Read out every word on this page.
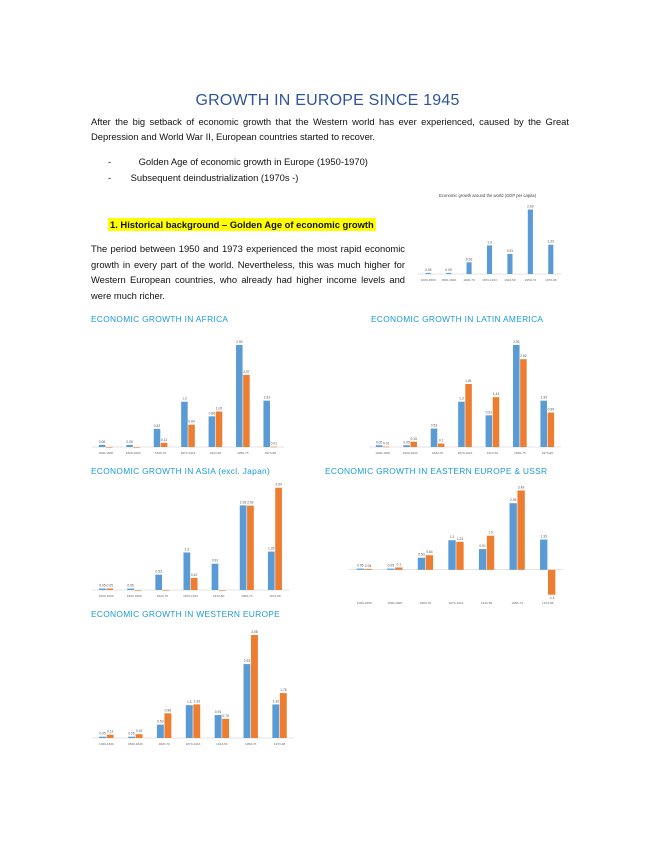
GROWTH IN EUROPE SINCE 1945
After the big setback of economic growth that the Western world has ever experienced, caused by the Great Depression and World War II, European countries started to recover.
-	Golden Age of economic growth in Europe (1950-1970)
- Subsequent deindustrialization (1970s -)
1. Historical background – Golden Age of economic growth
The period between 1950 and 1973 experienced the most rapid economic growth in every part of the world. Nevertheless, this was much higher for Western European countries, who already had higher income levels and were much richer.
ECONOMIC GROWTH IN AFRICA	ECONOMIC GROWTH IN LATIN AMERICA
ECONOMIC GROWTH IN ASIA (excl. Japan)	ECONOMIC GROWTH IN EASTERN EUROPE & USSR
ECONOMIC GROWTH IN WESTERN EUROPE
Economic growth around the world (GDP per capita)
0.05
1000-1500
0.05
1500-1820
0.53
1820-70
1.3
1870-1913
0.91
1913-50
2.93
1950-73
1.33
1973-98
0.06
1000-1500
0.06
1500-1820
0.52
0.12
1820-70
1.3
0.64
1870-1913
0.88
1.02
1913-50
2.93
2.07
1950-73
1.33
0.01
1973-98
0.05 0.01
1000-1500
0.05
0.15
1500-1820
0.53
0.1
1820-70
1.3
1.81
1870-1913
0.91
1.43
1913-50
2.93
2.52
1950-73
1.33
0.99
1973-98
0.05 0.05
1000-1500
0.05
1500-1820
0.53
1820-70
1.3
0.42
1870-1913
0.91
1913-50
2.93 2.92
1950-73
1.33
3.54
1973-98
0.05 0.04
1000-1500
0.05 0.1
1500-1820
0.53
0.64
1820-70
1.3 1.23
1870-1913
0.91
1.5
1913-50
2.93
3.49
1950-73
1.33
-1.1
1973-98
0.05
0.13
1000-1500
0.05
0.15
1500-1820
0.53
0.98
1820-70
1.3 1.33
1870-1913
0.91
0.76
1913-50
2.93
4.08
1950-73
1.33
1.78
1973-98
